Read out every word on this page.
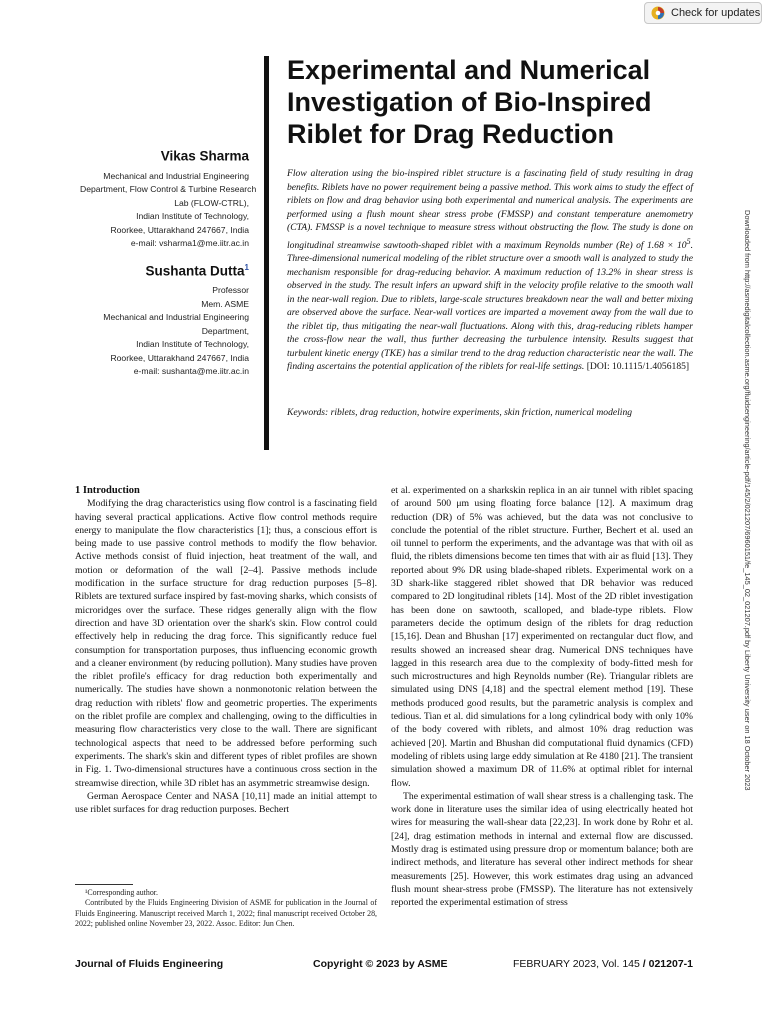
Check for updates
Experimental and Numerical Investigation of Bio-Inspired Riblet for Drag Reduction

Vikas Sharma

Mechanical and Industrial Engineering
Department, Flow Control & Turbine Research
Lab (FLOW-CTRL),
Indian Institute of Technology,
Roorkee, Uttarakhand 247667, India
e-mail: vsharma1@me.iitr.ac.in

Sushanta Dutta$^1$

Professor
Mem. ASME
Mechanical and Industrial Engineering
Department,
Indian Institute of Technology,
Roorkee, Uttarakhand 247667, India
e-mail: sushanta@me.iitr.ac.in

Flow alteration using the bio-inspired riblet structure is a fascinating field of study resulting in drag benefits. Riblets have no power requirement being a passive method. This work aims to study the effect of riblets on flow and drag behavior using both experimental and numerical analysis. The experiments are performed using a flush mount shear stress probe (FMSSP) and constant temperature anemometry (CTA). FMSSP is a novel technique to measure stress without obstructing the flow. The study is done on longitudinal streamwise sawtooth-shaped riblet with a maximum Reynolds number (Re) of $1.68 \times 10^5$. Three-dimensional numerical modeling of the riblet structure over a smooth wall is analyzed to study the mechanism responsible for drag-reducing behavior. A maximum reduction of 13.2% in shear stress is observed in the study. The result infers an upward shift in the velocity profile relative to the smooth wall in the near-wall region. Due to riblets, large-scale structures breakdown near the wall and better mixing are observed above the surface. Near-wall vortices are imparted a movement away from the wall due to the riblet tip, thus mitigating the near-wall fluctuations. Along with this, drag-reducing riblets hamper the cross-flow near the wall, thus further decreasing the turbulence intensity. Results suggest that turbulent kinetic energy (TKE) has a similar trend to the drag reduction characteristic near the wall. The finding ascertains the potential application of the riblets for real-life settings. [DOI: 10.1115/1.4056185]

Keywords: riblets, drag reduction, hotwire experiments, skin friction, numerical modeling

1 Introduction

Modifying the drag characteristics using flow control is a fascinating field having several practical applications. Active flow control methods require energy to manipulate the flow characteristics [1]; thus, a conscious effort is being made to use passive control methods to modify the flow behavior. Active methods consist of fluid injection, heat treatment of the wall, and motion or deformation of the wall [2–4]. Passive methods include modification in the surface structure for drag reduction purposes [5–8]. Riblets are textured surface inspired by fast-moving sharks, which consists of microridges over the surface. These ridges generally align with the flow direction and have 3D orientation over the shark's skin. Flow control could effectively help in reducing the drag force. This significantly reduce fuel consumption for transportation purposes, thus influencing economic growth and a cleaner environment (by reducing pollution). Many studies have proven the riblet profile's efficacy for drag reduction both experimentally and numerically. The studies have shown a nonmonotonic relation between the drag reduction with riblets' flow and geometric properties. The experiments on the riblet profile are complex and challenging, owing to the difficulties in measuring flow characteristics very close to the wall. There are significant technological aspects that need to be addressed before performing such experiments. The shark's skin and different types of riblet profiles are shown in Fig. 1. Two-dimensional structures have a continuous cross section in the streamwise direction, while 3D riblet has an asymmetric streamwise design.

German Aerospace Center and NASA [10,11] made an initial attempt to use riblet surfaces for drag reduction purposes. Bechert

et al. experimented on a sharkskin replica in an air tunnel with riblet spacing of around 500 μm using floating force balance [12]. A maximum drag reduction (DR) of 5% was achieved, but the data was not conclusive to conclude the potential of the riblet structure. Further, Bechert et al. used an oil tunnel to perform the experiments, and the advantage was that with oil as fluid, the riblets dimensions become ten times that with air as fluid [13]. They reported about 9% DR using blade-shaped riblets. Experimental work on a 3D shark-like staggered riblet showed that DR behavior was reduced compared to 2D longitudinal riblets [14]. Most of the 2D riblet investigation has been done on sawtooth, scalloped, and blade-type riblets. Flow parameters decide the optimum design of the riblets for drag reduction [15,16]. Dean and Bhushan [17] experimented on rectangular duct flow, and results showed an increased shear drag. Numerical DNS techniques have lagged in this research area due to the complexity of body-fitted mesh for such microstructures and high Reynolds number (Re). Triangular riblets are simulated using DNS [4,18] and the spectral element method [19]. These methods produced good results, but the parametric analysis is complex and tedious. Tian et al. did simulations for a long cylindrical body with only 10% of the body covered with riblets, and almost 10% drag reduction was achieved [20]. Martin and Bhushan did computational fluid dynamics (CFD) modeling of riblets using large eddy simulation at Re 4180 [21]. The transient simulation showed a maximum DR of 11.6% at optimal riblet for internal flow.

The experimental estimation of wall shear stress is a challenging task. The work done in literature uses the similar idea of using electrically heated hot wires for measuring the wall-shear data [22,23]. In work done by Rohr et al. [24], drag estimation methods in internal and external flow are discussed. Mostly drag is estimated using pressure drop or momentum balance; both are indirect methods, and literature has several other indirect methods for shear measurements [25]. However, this work estimates drag using an advanced flush mount shear-stress probe (FMSSP). The literature has not extensively reported the experimental estimation of stress

¹Corresponding author.

Contributed by the Fluids Engineering Division of ASME for publication in the Journal of Fluids Engineering. Manuscript received March 1, 2022; final manuscript received October 28, 2022; published online November 23, 2022. Assoc. Editor: Jun Chen.

Downloaded from http://asmedigitalcollection.asme.org/fluidsengineering/article-pdf/145/2/021207/6960151/fe_145_02_021207.pdf by Liberty University user on 18 October 2023
Journal of Fluids Engineering	Copyright © 2023 by ASME	FEBRUARY 2023, Vol. 145 / 021207-1
